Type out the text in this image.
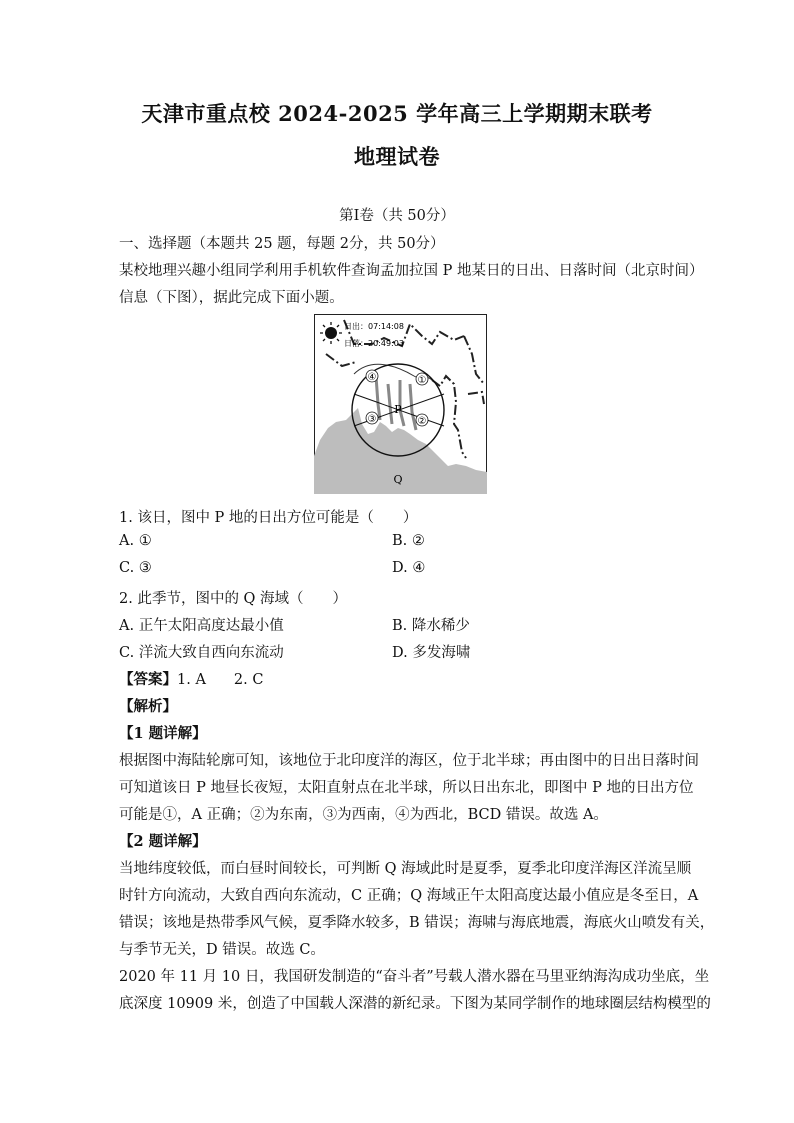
天津市重点校 2024-2025 学年高三上学期期末联考
地理试卷
第Ⅰ卷（共 50分）
一、选择题（本题共 25 题，每题 2分，共 50分）
某校地理兴趣小组同学利用手机软件查询孟加拉国 P 地某日的日出、日落时间（北京时间）
信息（下图），据此完成下面小题。
日出：07:14:08
日落：20:49:03
④	①
③	②
P
Q
1. 该日，图中 P 地的日出方位可能是（　　）
A. ①	B. ②
C. ③	D. ④
2. 此季节，图中的 Q 海域（　　）
A. 正午太阳高度达最小值	B. 降水稀少
C. 洋流大致自西向东流动	D. 多发海啸
【答案】1. A 2. C
【解析】
【1 题详解】
根据图中海陆轮廓可知，该地位于北印度洋的海区，位于北半球；再由图中的日出日落时间
可知道该日 P 地昼长夜短，太阳直射点在北半球，所以日出东北，即图中 P 地的日出方位
可能是①，A 正确；②为东南，③为西南，④为西北，BCD 错误。故选 A。
【2 题详解】
当地纬度较低，而白昼时间较长，可判断 Q 海域此时是夏季，夏季北印度洋海区洋流呈顺
时针方向流动，大致自西向东流动，C 正确；Q 海域正午太阳高度达最小值应是冬至日，A
错误；该地是热带季风气候，夏季降水较多，B 错误；海啸与海底地震，海底火山喷发有关，
与季节无关，D 错误。故选 C。
2020 年 11 月 10 日，我国研发制造的“奋斗者”号载人潜水器在马里亚纳海沟成功坐底，坐
底深度 10909 米，创造了中国载人深潜的新纪录。下图为某同学制作的地球圈层结构模型的
